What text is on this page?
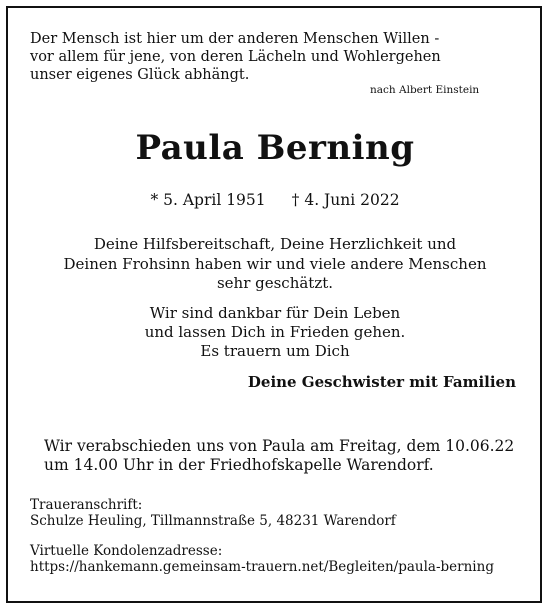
Der Mensch ist hier um der anderen Menschen Willen -
vor allem für jene, von deren Lächeln und Wohlergehen
unser eigenes Glück abhängt.
nach Albert Einstein
Paula Berning
* 5. April 1951 † 4. Juni 2022
Deine Hilfsbereitschaft, Deine Herzlichkeit und
Deinen Frohsinn haben wir und viele andere Menschen
sehr geschätzt.
Wir sind dankbar für Dein Leben
und lassen Dich in Frieden gehen.
Es trauern um Dich
Deine Geschwister mit Familien
Wir verabschieden uns von Paula am Freitag, dem 10.06.22
um 14.00 Uhr in der Friedhofskapelle Warendorf.
Traueranschrift:
Schulze Heuling, Tillmannstraße 5, 48231 Warendorf
Virtuelle Kondolenzadresse:
https://hankemann.gemeinsam-trauern.net/Begleiten/paula-berning
